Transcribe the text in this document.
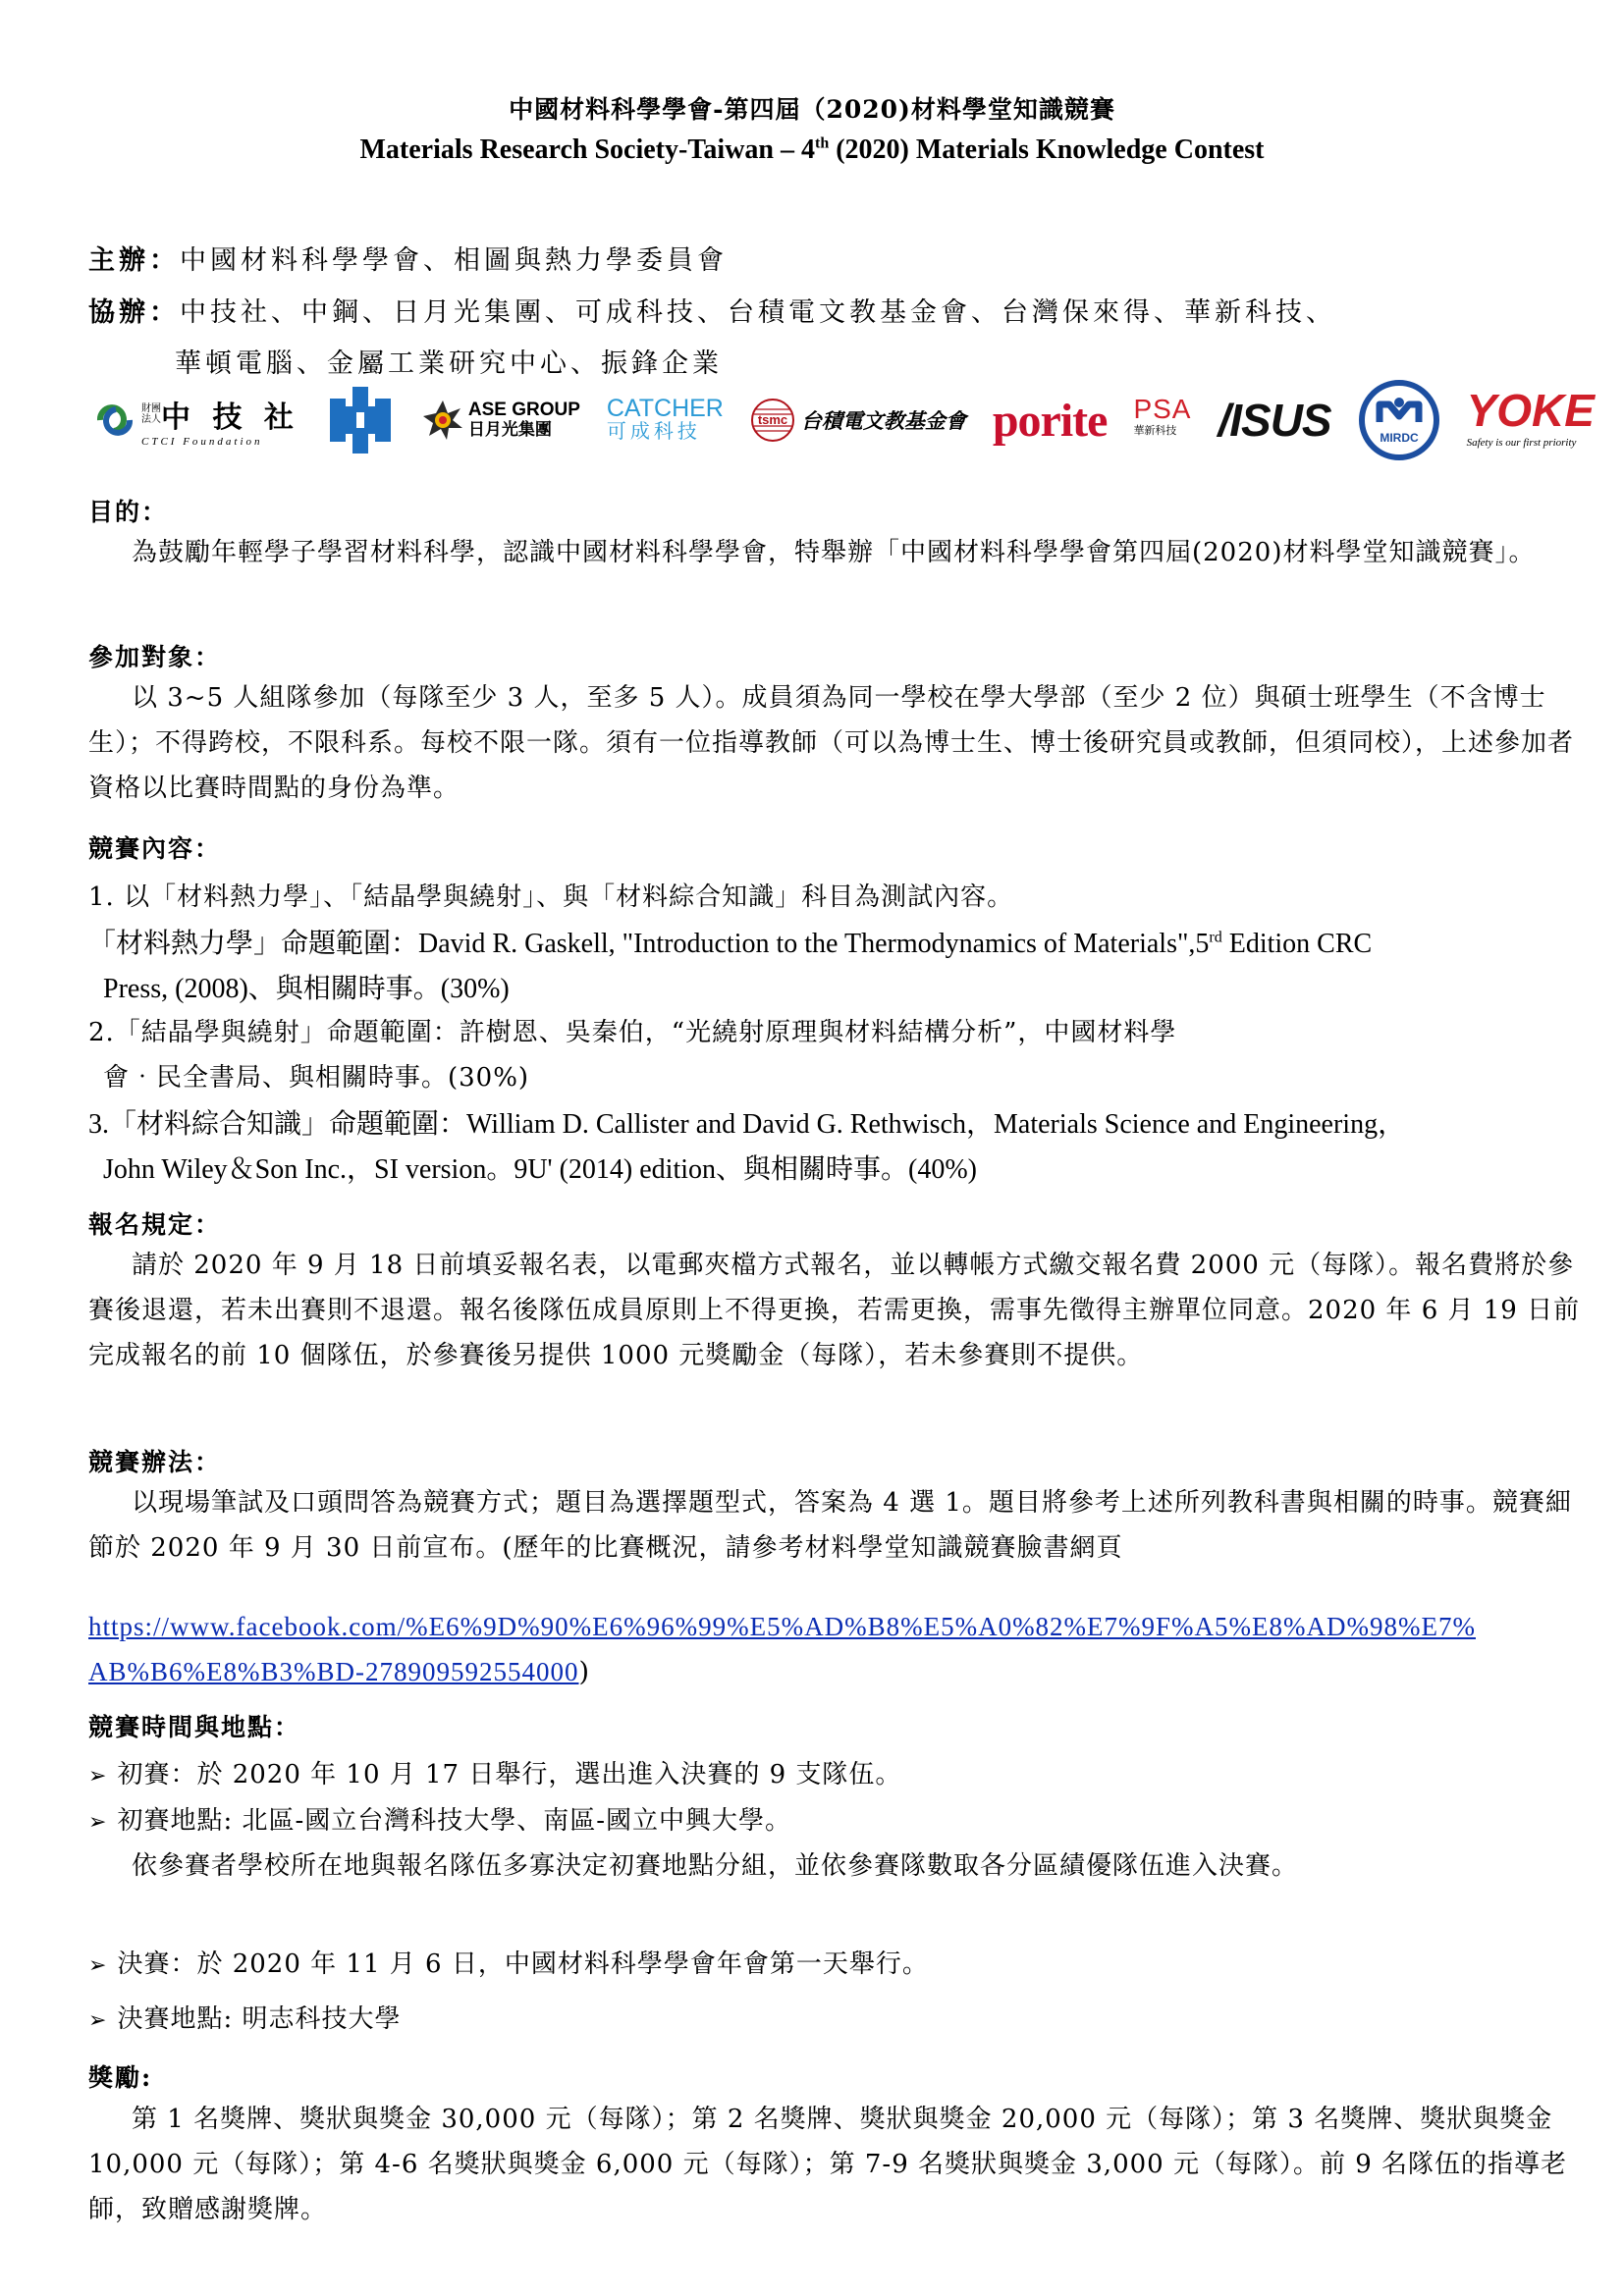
中國材料科學學會-第四屆（2020)材料學堂知識競賽
Materials Research Society-Taiwan – 4th (2020) Materials Knowledge Contest
主辦：中國材料科學學會、相圖與熱力學委員會
協辦：中技社、中鋼、日月光集團、可成科技、台積電文教基金會、台灣保來得、華新科技、
華頓電腦、金屬工業研究中心、振鋒企業
財團法人 中 技 社
CTCI Foundation
ASE GROUP
日月光集團
CATCHER
可成科技
tsmc 台積電文教基金會 porite PSA
華新科技 /ISUS	MIRDC
YOKE
Safety is our first priority
目的：
為鼓勵年輕學子學習材料科學，認識中國材料科學學會，特舉辦「中國材料科學學會第四屆(2020)材料學堂知識競賽」。
參加對象：
以 3~5 人組隊參加（每隊至少 3 人，至多 5 人）。成員須為同一學校在學大學部（至少 2 位）與碩士班學生（不含博士生）；不得跨校，不限科系。每校不限一隊。須有一位指導教師（可以為博士生、博士後研究員或教師，但須同校），上述參加者資格以比賽時間點的身份為準。
競賽內容：
1. 以「材料熱力學」、「結晶學與繞射」、與「材料綜合知識」科目為測試內容。
「材料熱力學」命題範圍：David R. Gaskell, "Introduction to the Thermodynamics of Materials",5rd Edition CRC
Press, (2008)、與相關時事。(30%)
2.「結晶學與繞射」命題範圍：許樹恩、吳秦伯，“光繞射原理與材料結構分析”，中國材料學
會‧民全書局、與相關時事。(30%)
3.「材料綜合知識」命題範圍：William D. Callister and David G. Rethwisch，Materials Science and Engineering，
John Wiley＆Son Inc.，SI version。9U' (2014) edition、與相關時事。(40%)
報名規定：
請於 2020 年 9 月 18 日前填妥報名表，以電郵夾檔方式報名，並以轉帳方式繳交報名費 2000 元（每隊）。報名費將於參賽後退還，若未出賽則不退還。報名後隊伍成員原則上不得更換，若需更換，需事先徵得主辦單位同意。2020 年 6 月 19 日前完成報名的前 10 個隊伍，於參賽後另提供 1000 元獎勵金（每隊），若未參賽則不提供。
競賽辦法：
以現場筆試及口頭問答為競賽方式；題目為選擇題型式，答案為 4 選 1。題目將參考上述所列教科書與相關的時事。競賽細節於 2020 年 9 月 30 日前宣布。(歷年的比賽概況，請參考材料學堂知識競賽臉書網頁
https://www.facebook.com/%E6%9D%90%E6%96%99%E5%AD%B8%E5%A0%82%E7%9F%A5%E8%AD%98%E7%
AB%B6%E8%B3%BD-278909592554000)
競賽時間與地點：
➢ 初賽：於 2020 年 10 月 17 日舉行，選出進入決賽的 9 支隊伍。
➢ 初賽地點: 北區-國立台灣科技大學、南區-國立中興大學。
依參賽者學校所在地與報名隊伍多寡決定初賽地點分組，並依參賽隊數取各分區績優隊伍進入決賽。
➢ 決賽：於 2020 年 11 月 6 日，中國材料科學學會年會第一天舉行。
➢ 決賽地點: 明志科技大學
獎勵:
第 1 名獎牌、獎狀與獎金 30,000 元（每隊）；第 2 名獎牌、獎狀與獎金 20,000 元（每隊）；第 3 名獎牌、獎狀與獎金 10,000 元（每隊）；第 4-6 名獎狀與獎金 6,000 元（每隊）；第 7-9 名獎狀與獎金 3,000 元（每隊）。前 9 名隊伍的指導老師，致贈感謝獎牌。
